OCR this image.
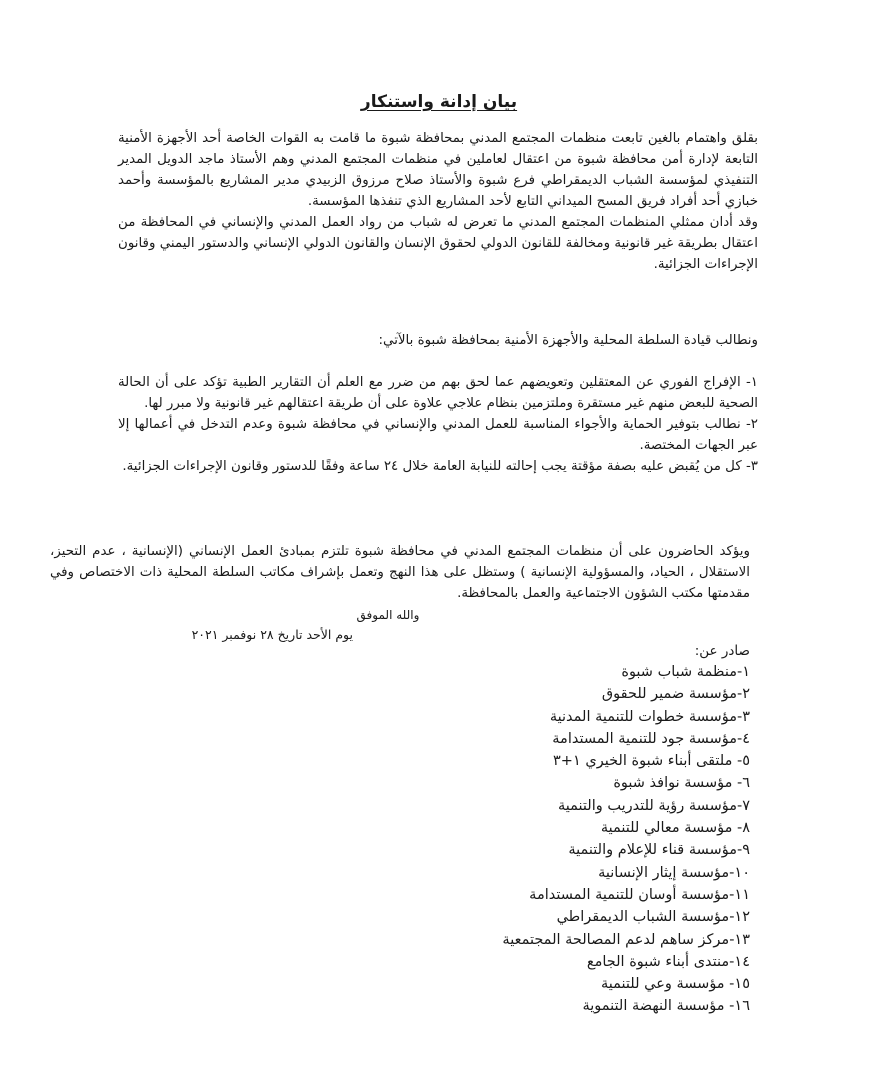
بيان إدانة واستنكار

بقلق واهتمام بالغين تابعت منظمات المجتمع المدني بمحافظة شبوة ما قامت به القوات الخاصة أحد الأجهزة الأمنية التابعة لإدارة أمن محافظة شبوة من اعتقال لعاملين في منظمات المجتمع المدني وهم الأستاذ ماجد الدويل المدير التنفيذي لمؤسسة الشباب الديمقراطي فرع شبوة والأستاذ صلاح مرزوق الزبيدي مدير المشاريع بالمؤسسة وأحمد خبازي أحد أفراد فريق المسح الميداني التابع لأحد المشاريع الذي تنفذها المؤسسة.

وقد أدان ممثلي المنظمات المجتمع المدني ما تعرض له شباب من رواد العمل المدني والإنساني في المحافظة من اعتقال بطريقة غير قانونية ومخالفة للقانون الدولي لحقوق الإنسان والقانون الدولي الإنساني والدستور اليمني وقانون الإجراءات الجزائية.

ونطالب قيادة السلطة المحلية والأجهزة الأمنية بمحافظة شبوة بالآتي:

١- الإفراج الفوري عن المعتقلين وتعويضهم عما لحق بهم من ضرر مع العلم أن التقارير الطبية تؤكد على أن الحالة الصحية للبعض منهم غير مستقرة وملتزمين بنظام علاجي علاوة على أن طريقة اعتقالهم غير قانونية ولا مبرر لها.

٢- نطالب بتوفير الحماية والأجواء المناسبة للعمل المدني والإنساني في محافظة شبوة وعدم التدخل في أعمالها إلا عبر الجهات المختصة.

٣- كل من يُقبض عليه بصفة مؤقتة يجب إحالته للنيابة العامة خلال ٢٤ ساعة وفقًا للدستور وقانون الإجراءات الجزائية.

ويؤكد الحاضرون على أن منظمات المجتمع المدني في محافظة شبوة تلتزم بمبادئ العمل الإنساني (الإنسانية ، عدم التحيز، الاستقلال ، الحياد، والمسؤولية الإنسانية ) وستظل على هذا النهج وتعمل بإشراف مكاتب السلطة المحلية ذات الاختصاص وفي مقدمتها مكتب الشؤون الاجتماعية والعمل بالمحافظة.

والله الموفق
يوم الأحد تاريخ ٢٨ نوفمبر ٢٠٢١
صادر عن:
١-منظمة شباب شبوة
٢-مؤسسة ضمير للحقوق
٣-مؤسسة خطوات للتنمية المدنية
٤-مؤسسة جود للتنمية المستدامة
٥- ملتقى أبناء شبوة الخيري ١+٣
٦- مؤسسة نوافذ شبوة
٧-مؤسسة رؤية للتدريب والتنمية
٨- مؤسسة معالي للتنمية
٩-مؤسسة قناء للإعلام والتنمية
١٠-مؤسسة إيثار الإنسانية
١١-مؤسسة أوسان للتنمية المستدامة
١٢-مؤسسة الشباب الديمقراطي
١٣-مركز ساهم لدعم المصالحة المجتمعية
١٤-منتدى أبناء شبوة الجامع
١٥- مؤسسة وعي للتنمية
١٦- مؤسسة النهضة التنموية
